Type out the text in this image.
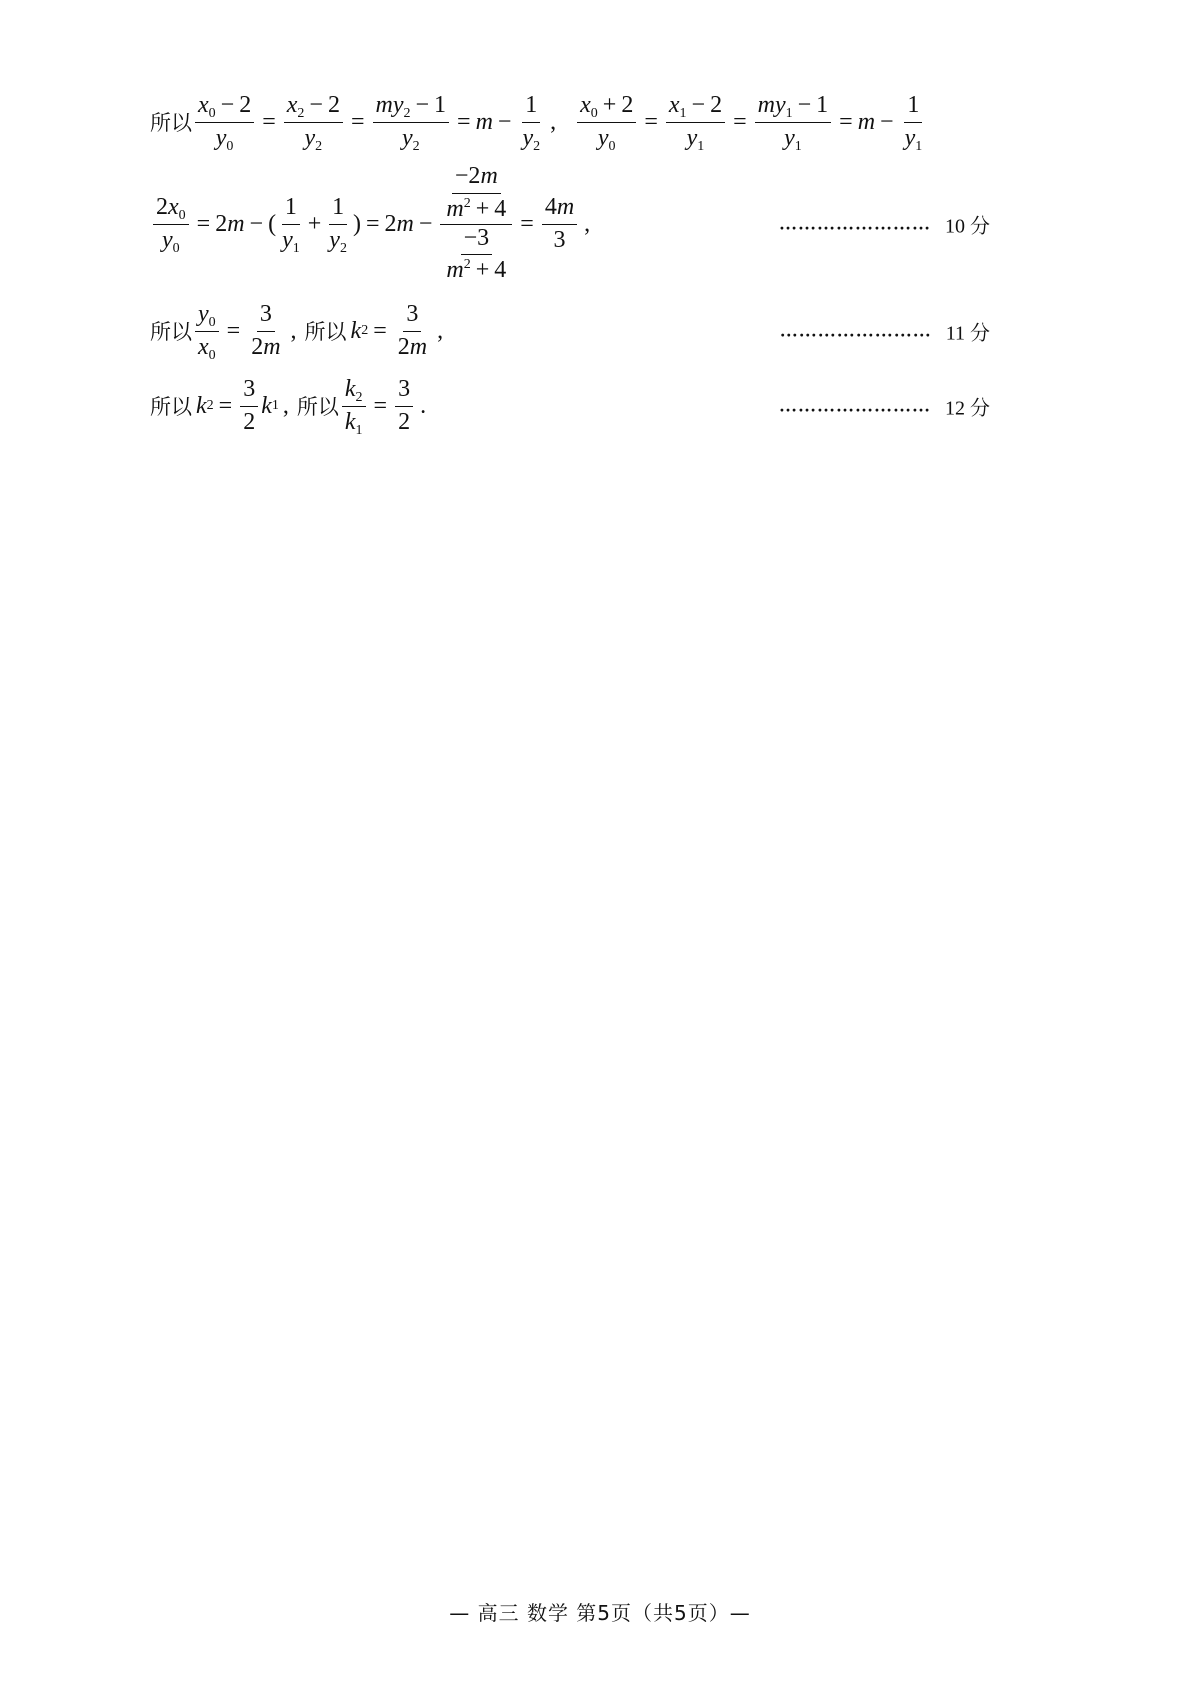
所以 $\frac{x_0 - 2}{y_0} = \frac{x_2 - 2}{y_2} = \frac{my_2 - 1}{y_2} = m - \frac{1}{y_2}$ , $\frac{x_0 + 2}{y_0} = \frac{x_1 - 2}{y_1} = \frac{my_1 - 1}{y_1} = m - \frac{1}{y_1}$
$\frac{2x_0}{y_0} = 2$ m − ( $\frac{1}{y_1} + \frac{1}{y_2}$ ) = 2 $m - \frac{\frac{-2m}{m^2 + 4}}{\frac{-3}{m^2 + 4}} = \frac{4m}{3}$ ,	…………………… 10 分
所以 $\frac{y_0}{x_0} = \frac{3}{2m}$ , 所以 k $2 = \frac{3}{2m}$ ,	…………………… 11 分
所以 k $2 = \frac{3}{2}$ k 1 , 所以 $\frac{k_2}{k_1} = \frac{3}{2}$ .	…………………… 12 分
— 高三 数学 第5页（共5页）—
